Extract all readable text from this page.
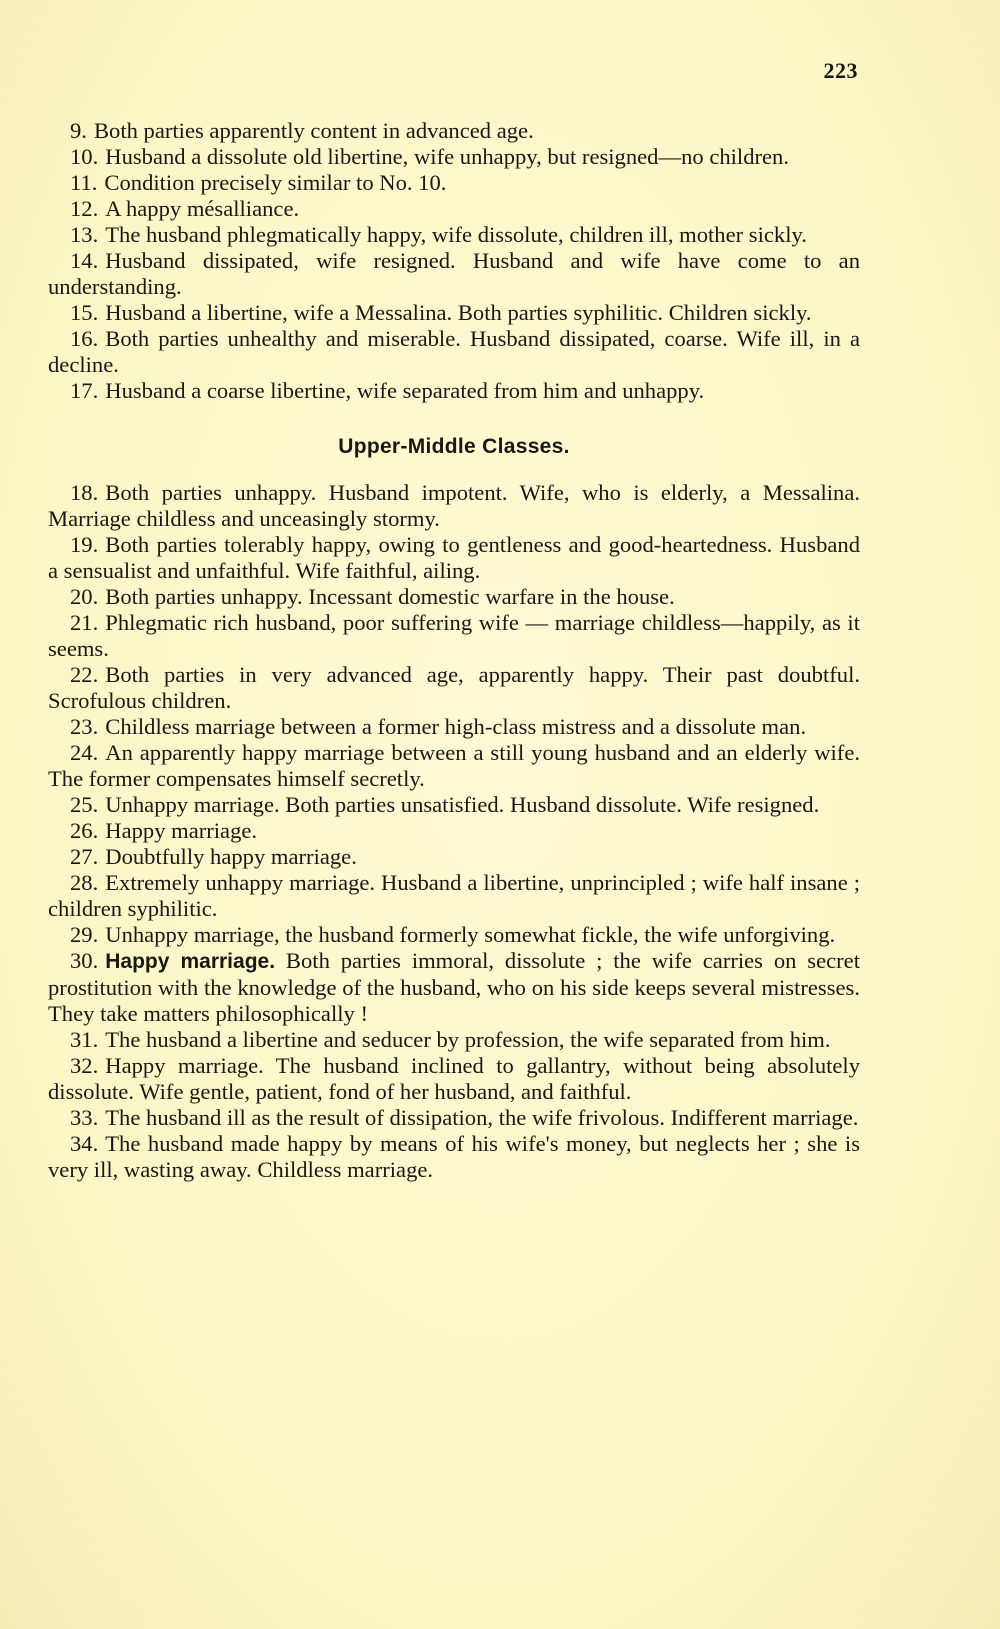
223

9. Both parties apparently content in advanced age.

10. Husband a dissolute old libertine, wife unhappy, but resigned—no children.

11. Condition precisely similar to No. 10.

12. A happy mésalliance.

13. The husband phlegmatically happy, wife dissolute, children ill, mother sickly.

14. Husband dissipated, wife resigned. Husband and wife have come to an understanding.

15. Husband a libertine, wife a Messalina. Both parties syphilitic. Children sickly.

16. Both parties unhealthy and miserable. Husband dissipated, coarse. Wife ill, in a decline.

17. Husband a coarse libertine, wife separated from him and unhappy.

Upper-Middle Classes.

18. Both parties unhappy. Husband impotent. Wife, who is elderly, a Messalina. Marriage childless and unceasingly stormy.

19. Both parties tolerably happy, owing to gentleness and good-heartedness. Husband a sensualist and unfaithful. Wife faithful, ailing.

20. Both parties unhappy. Incessant domestic warfare in the house.

21. Phlegmatic rich husband, poor suffering wife — marriage childless—happily, as it seems.

22. Both parties in very advanced age, apparently happy. Their past doubtful. Scrofulous children.

23. Childless marriage between a former high-class mistress and a dissolute man.

24. An apparently happy marriage between a still young husband and an elderly wife. The former compensates himself secretly.

25. Unhappy marriage. Both parties unsatisfied. Husband dissolute. Wife resigned.

26. Happy marriage.

27. Doubtfully happy marriage.

28. Extremely unhappy marriage. Husband a libertine, unprincipled ; wife half insane ; children syphilitic.

29. Unhappy marriage, the husband formerly somewhat fickle, the wife unforgiving.

30. Happy marriage. Both parties immoral, dissolute ; the wife carries on secret prostitution with the knowledge of the husband, who on his side keeps several mistresses. They take matters philosophically !

31. The husband a libertine and seducer by profession, the wife separated from him.

32. Happy marriage. The husband inclined to gallantry, without being absolutely dissolute. Wife gentle, patient, fond of her husband, and faithful.

33. The husband ill as the result of dissipation, the wife frivolous. Indifferent marriage.

34. The husband made happy by means of his wife's money, but neglects her ; she is very ill, wasting away. Childless marriage.
